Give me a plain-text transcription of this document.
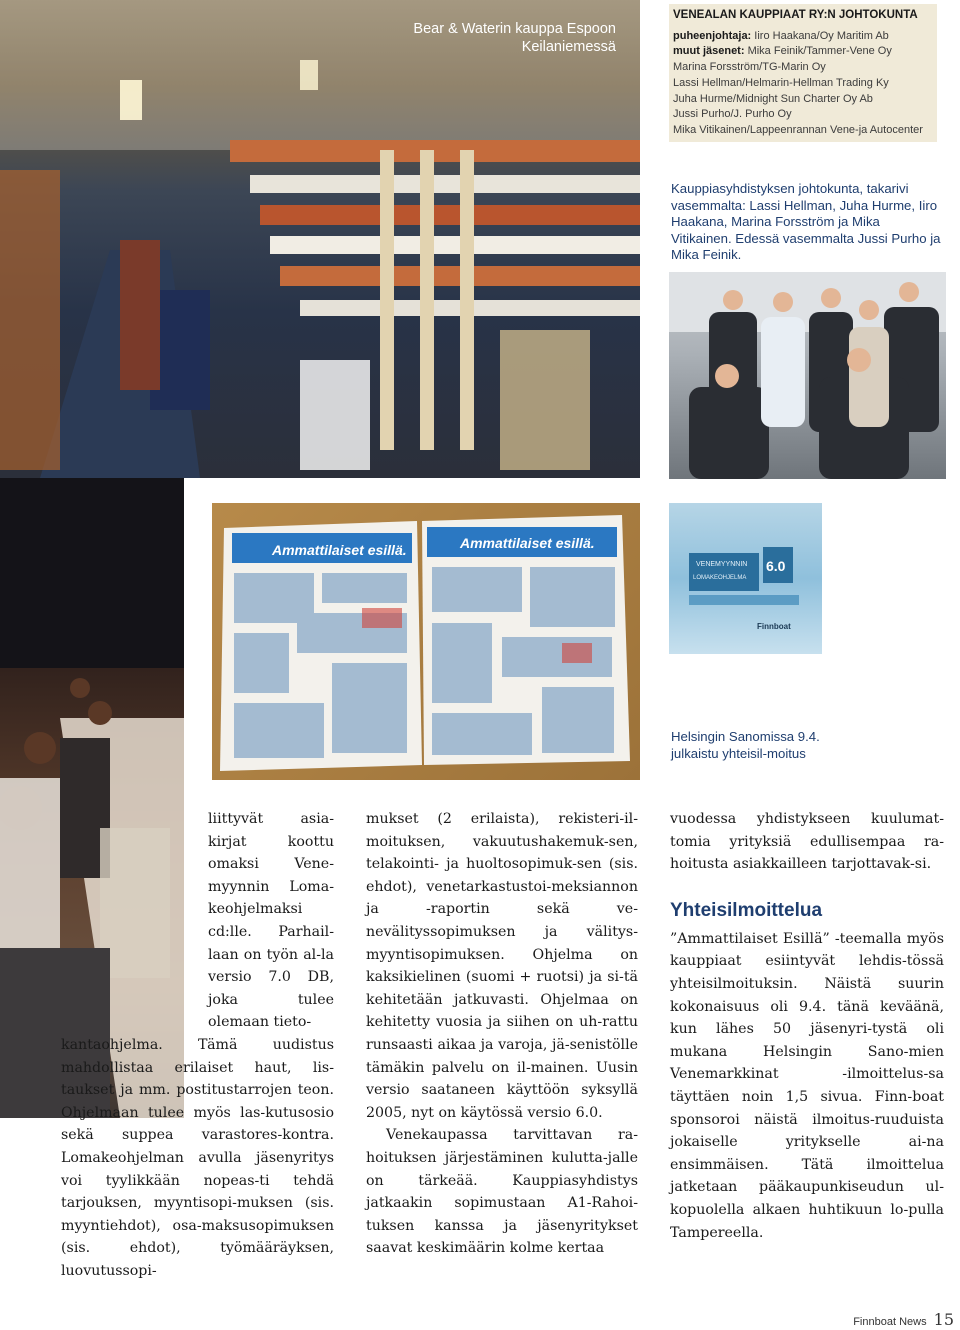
Bear & Waterin kauppa Espoon Keilaniemessä
VENEALAN KAUPPIAAT RY:N JOHTOKUNTA
puheenjohtaja: Iiro Haakana/Oy Maritim Ab
muut jäsenet: Mika Feinik/Tammer-Vene Oy
Marina Forsström/TG-Marin Oy
Lassi Hellman/Helmarin-Hellman Trading Ky
Juha Hurme/Midnight Sun Charter Oy Ab
Jussi Purho/J. Purho Oy
Mika Vitikainen/Lappeenrannan Vene-ja Autocenter
Kauppiasyhdistyksen johtokunta, takarivi vasemmalta: Lassi Hellman, Juha Hurme, Iiro Haakana, Marina Forsström ja Mika Vitikainen. Edessä vasemmalta Jussi Purho ja Mika Feinik.
Ammattilaiset esillä.	Ammattilaiset esillä.
VENEMYYNNIN
LOMAKEOHJELMA
6.0
Finnboat
Helsingin Sanomissa 9.4. julkaistu yhteisil-moitus

liittyvät asia-kirjat koottu omaksi Vene-myynnin Loma-keohjelmaksi cd:lle. Parhail-laan on työn al-la versio 7.0 DB, joka tulee olemaan tieto-

kantaohjelma. Tämä uudistus mahdollistaa erilaiset haut, lis-taukset ja mm. postitustarrojen teon. Ohjelmaan tulee myös las-kutusosio sekä suppea varastores-kontra. Lomakeohjelman avulla jäsenyritys voi tyylikkään nopeas-ti tehdä tarjouksen, myyntisopi-muksen (sis. myyntiehdot), osa-maksusopimuksen (sis. ehdot), työmääräyksen, luovutussopi-

mukset (2 erilaista), rekisteri-il-moituksen, vakuutushakemuk-sen, telakointi- ja huoltosopimuk-sen (sis. ehdot), venetarkastustoi-meksiannon ja -raportin sekä ve-nevälityssopimuksen ja välitys-myyntisopimuksen. Ohjelma on kaksikielinen (suomi + ruotsi) ja si-tä kehitetään jatkuvasti. Ohjelmaa on kehitetty vuosia ja siihen on uh-rattu runsaasti aikaa ja varoja, jä-senistölle tämäkin palvelu on il-mainen. Uusin versio saataneen käyttöön syksyllä 2005, nyt on käytössä versio 6.0.

Venekaupassa tarvittavan ra-hoituksen järjestäminen kulutta-jalle on tärkeää. Kauppiasyhdistys jatkaakin sopimustaan A1-Rahoi-tuksen kanssa ja jäsenyritykset saavat keskimäärin kolme kertaa

vuodessa yhdistykseen kuulumat-tomia yrityksiä edullisempaa ra-hoitusta asiakkailleen tarjottavak-si.

Yhteisilmoittelua

”Ammattilaiset Esillä” -teemalla myös kauppiaat esiintyvät lehdis-tössä yhteisilmoituksin. Näistä suurin kokonaisuus oli 9.4. tänä keväänä, kun lähes 50 jäsenyri-tystä oli mukana Helsingin Sano-mien Venemarkkinat -ilmoittelus-sa täyttäen noin 1,5 sivua. Finn-boat sponsoroi näistä ilmoitus-ruuduista jokaiselle yritykselle ai-na ensimmäisen. Tätä ilmoittelua jatketaan pääkaupunkiseudun ul-kopuolella alkaen huhtikuun lo-pulla Tampereella.

Finnboat News 15
